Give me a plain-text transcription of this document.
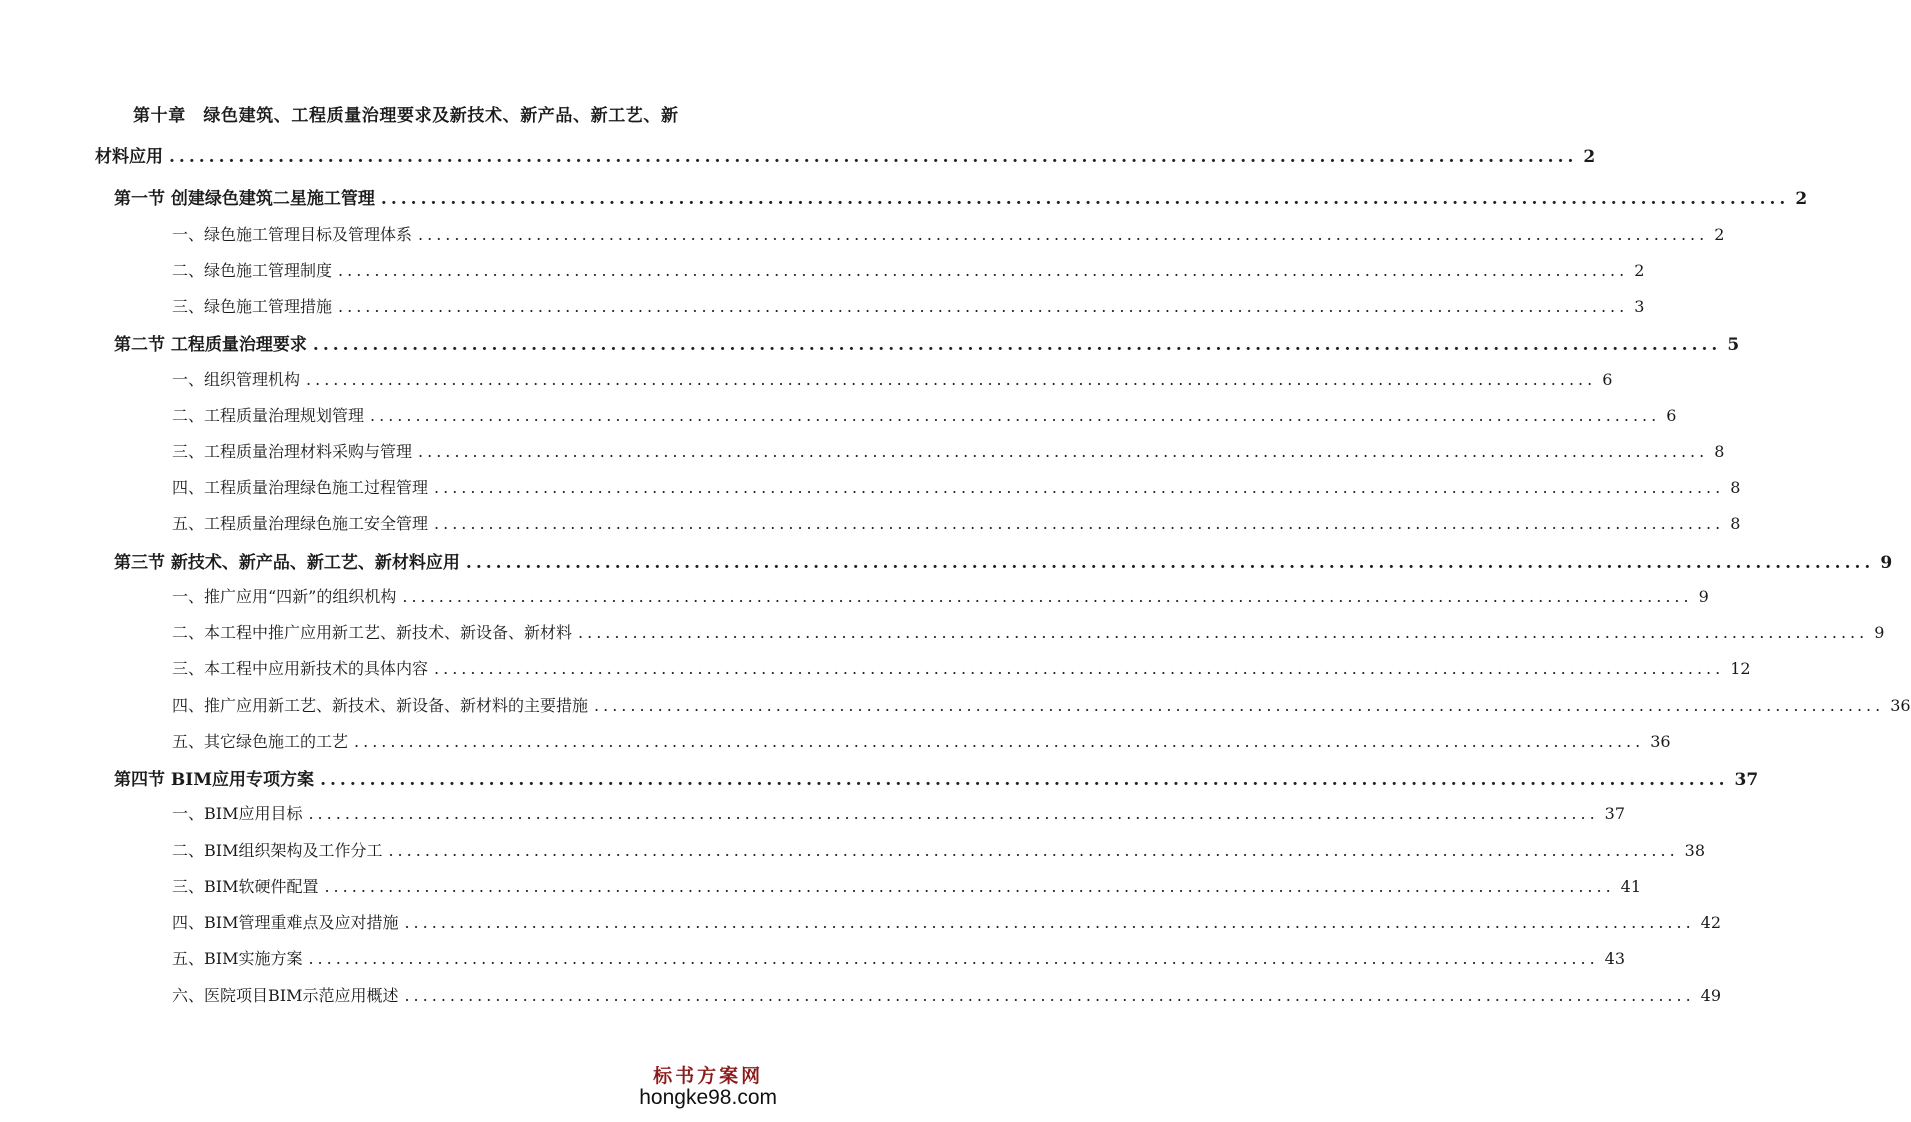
第十章　绿色建筑、工程质量治理要求及新技术、新产品、新工艺、新
材料应用 .............................................................................................................................................. 2
第一节 创建绿色建筑二星施工管理 .............................................................................................................................................. 2
一、绿色施工管理目标及管理体系 .............................................................................................................................................. 2
二、绿色施工管理制度 .............................................................................................................................................. 2
三、绿色施工管理措施 .............................................................................................................................................. 3
第二节 工程质量治理要求 .............................................................................................................................................. 5
一、组织管理机构 .............................................................................................................................................. 6
二、工程质量治理规划管理 .............................................................................................................................................. 6
三、工程质量治理材料采购与管理 .............................................................................................................................................. 8
四、工程质量治理绿色施工过程管理 .............................................................................................................................................. 8
五、工程质量治理绿色施工安全管理 .............................................................................................................................................. 8
第三节 新技术、新产品、新工艺、新材料应用 .............................................................................................................................................. 9
一、推广应用“四新”的组织机构 .............................................................................................................................................. 9
二、本工程中推广应用新工艺、新技术、新设备、新材料 .............................................................................................................................................. 9
三、本工程中应用新技术的具体内容 .............................................................................................................................................. 12
四、推广应用新工艺、新技术、新设备、新材料的主要措施 .............................................................................................................................................. 36
五、其它绿色施工的工艺 .............................................................................................................................................. 36
第四节 BIM应用专项方案 .............................................................................................................................................. 37
一、BIM应用目标 .............................................................................................................................................. 37
二、BIM组织架构及工作分工 .............................................................................................................................................. 38
三、BIM软硬件配置 .............................................................................................................................................. 41
四、BIM管理重难点及应对措施 .............................................................................................................................................. 42
五、BIM实施方案 .............................................................................................................................................. 43
六、医院项目BIM示范应用概述 .............................................................................................................................................. 49
标书方案网
hongke98.com
